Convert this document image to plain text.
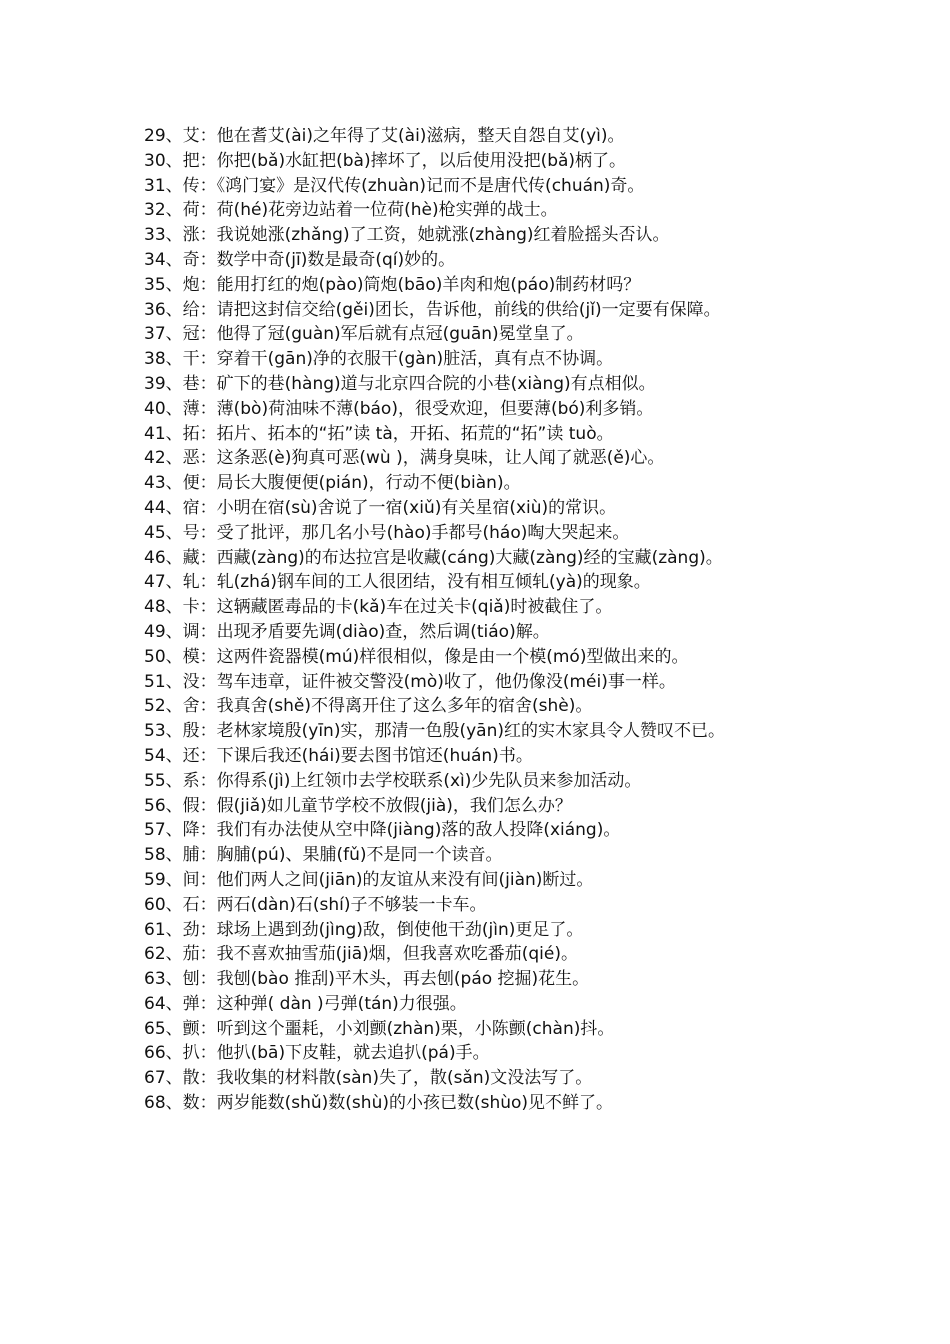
29、艾：他在耆艾(ài)之年得了艾(ài)滋病，整天自怨自艾(yì)。

30、把：你把(bǎ)水缸把(bà)摔坏了，以后使用没把(bǎ)柄了。

31、传：《鸿门宴》是汉代传(zhuàn)记而不是唐代传(chuán)奇。

32、荷：荷(hé)花旁边站着一位荷(hè)枪实弹的战士。

33、涨：我说她涨(zhǎng)了工资，她就涨(zhàng)红着脸摇头否认。

34、奇：数学中奇(jī)数是最奇(qí)妙的。

35、炮：能用打红的炮(pào)筒炮(bāo)羊肉和炮(páo)制药材吗？

36、给：请把这封信交给(gěi)团长，告诉他，前线的供给(jǐ)一定要有保障。

37、冠：他得了冠(guàn)军后就有点冠(guān)冕堂皇了。

38、干：穿着干(gān)净的衣服干(gàn)脏活，真有点不协调。

39、巷：矿下的巷(hàng)道与北京四合院的小巷(xiàng)有点相似。

40、薄：薄(bò)荷油味不薄(báo)，很受欢迎，但要薄(bó)利多销。

41、拓：拓片、拓本的“拓”读 tà，开拓、拓荒的“拓”读 tuò。

42、恶：这条恶(è)狗真可恶(wù )，满身臭味，让人闻了就恶(ě)心。

43、便：局长大腹便便(pián)，行动不便(biàn)。

44、宿：小明在宿(sù)舍说了一宿(xiǔ)有关星宿(xiù)的常识。

45、号：受了批评，那几名小号(hào)手都号(háo)啕大哭起来。

46、藏：西藏(zàng)的布达拉宫是收藏(cáng)大藏(zàng)经的宝藏(zàng)。

47、轧：轧(zhá)钢车间的工人很团结，没有相互倾轧(yà)的现象。

48、卡：这辆藏匿毒品的卡(kǎ)车在过关卡(qiǎ)时被截住了。

49、调：出现矛盾要先调(diào)查，然后调(tiáo)解。

50、模：这两件瓷器模(mú)样很相似，像是由一个模(mó)型做出来的。

51、没：驾车违章，证件被交警没(mò)收了，他仍像没(méi)事一样。

52、舍：我真舍(shě)不得离开住了这么多年的宿舍(shè)。

53、殷：老林家境殷(yīn)实，那清一色殷(yān)红的实木家具令人赞叹不已。

54、还：下课后我还(hái)要去图书馆还(huán)书。

55、系：你得系(jì)上红领巾去学校联系(xì)少先队员来参加活动。

56、假：假(jiǎ)如儿童节学校不放假(jià)，我们怎么办？

57、降：我们有办法使从空中降(jiàng)落的敌人投降(xiáng)。

58、脯：胸脯(pú)、果脯(fǔ)不是同一个读音。

59、间：他们两人之间(jiān)的友谊从来没有间(jiàn)断过。

60、石：两石(dàn)石(shí)子不够装一卡车。

61、劲：球场上遇到劲(jìng)敌，倒使他干劲(jìn)更足了。

62、茄：我不喜欢抽雪茄(jiā)烟，但我喜欢吃番茄(qié)。

63、刨：我刨(bào 推刮)平木头，再去刨(páo 挖掘)花生。

64、弹：这种弹( dàn )弓弹(tán)力很强。

65、颤：听到这个噩耗，小刘颤(zhàn)栗，小陈颤(chàn)抖。

66、扒：他扒(bā)下皮鞋，就去追扒(pá)手。

67、散：我收集的材料散(sàn)失了，散(sǎn)文没法写了。

68、数：两岁能数(shǔ)数(shù)的小孩已数(shùo)见不鲜了。
